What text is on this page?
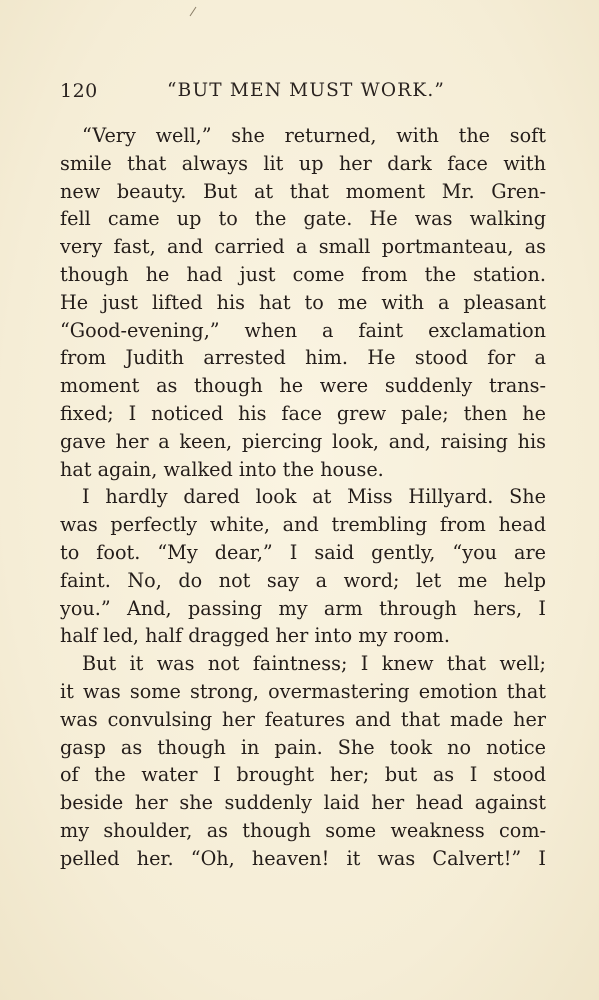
120	“BUT MEN MUST WORK.”
“Very well,” she returned, with the soft
smile that always lit up her dark face with
new beauty. But at that moment Mr. Gren-
fell came up to the gate. He was walking
very fast, and carried a small portmanteau, as
though he had just come from the station.
He just lifted his hat to me with a pleasant
“Good-evening,” when a faint exclamation
from Judith arrested him. He stood for a
moment as though he were suddenly trans-
fixed; I noticed his face grew pale; then he
gave her a keen, piercing look, and, raising his
hat again, walked into the house.
I hardly dared look at Miss Hillyard. She
was perfectly white, and trembling from head
to foot. “My dear,” I said gently, “you are
faint. No, do not say a word; let me help
you.” And, passing my arm through hers, I
half led, half dragged her into my room.
But it was not faintness; I knew that well;
it was some strong, overmastering emotion that
was convulsing her features and that made her
gasp as though in pain. She took no notice
of the water I brought her; but as I stood
beside her she suddenly laid her head against
my shoulder, as though some weakness com-
pelled her. “Oh, heaven! it was Calvert!” I
